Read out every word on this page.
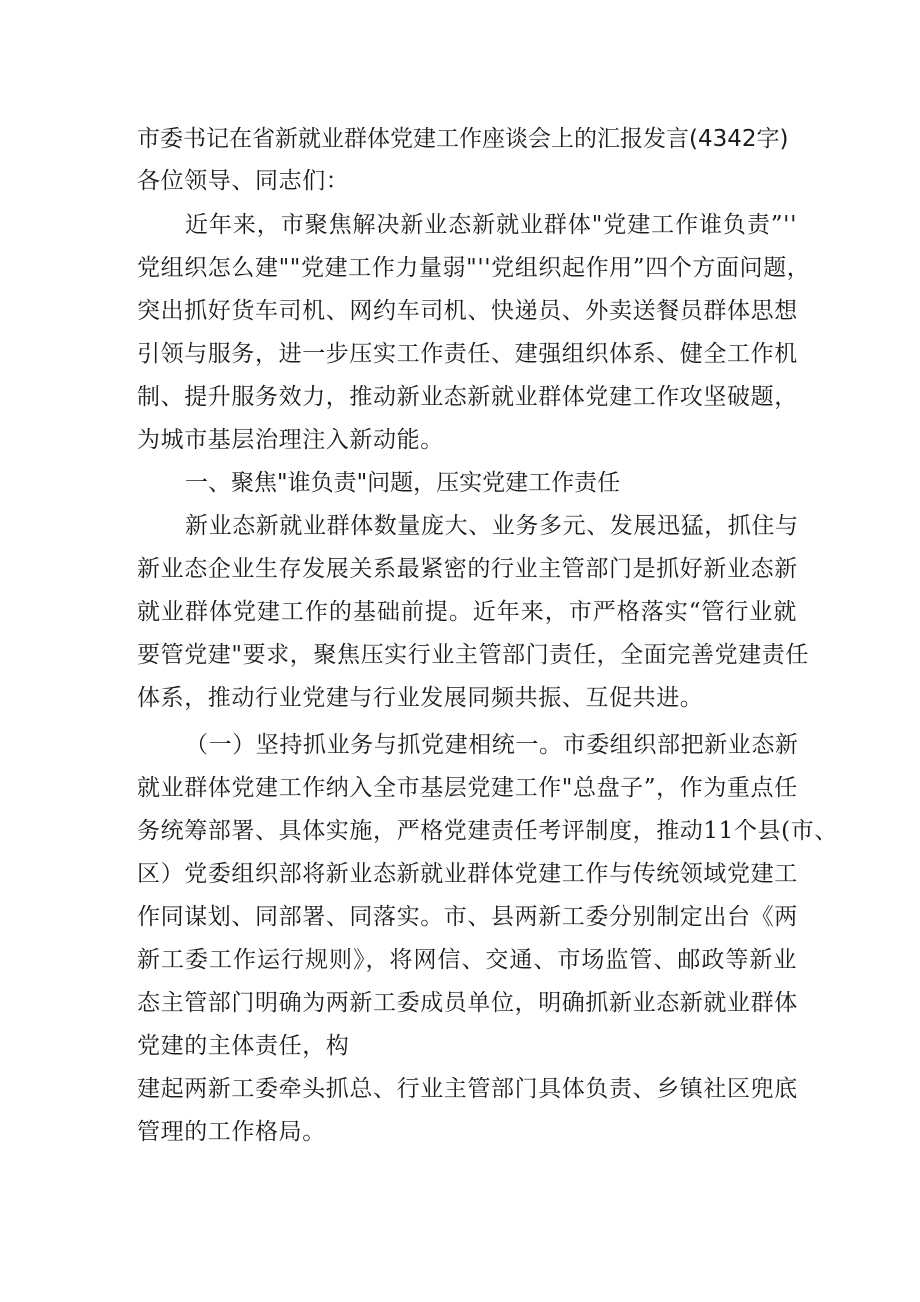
市委书记在省新就业群体党建工作座谈会上的汇报发言(4342字)
各位领导、同志们：
近年来，市聚焦解决新业态新就业群体"党建工作谁负责”''
党组织怎么建""党建工作力量弱"''党组织起作用”四个方面问题，
突出抓好货车司机、网约车司机、快递员、外卖送餐员群体思想
引领与服务，进一步压实工作责任、建强组织体系、健全工作机
制、提升服务效力，推动新业态新就业群体党建工作攻坚破题，
为城市基层治理注入新动能。
一、聚焦"谁负责"问题，压实党建工作责任
新业态新就业群体数量庞大、业务多元、发展迅猛，抓住与
新业态企业生存发展关系最紧密的行业主管部门是抓好新业态新
就业群体党建工作的基础前提。近年来，市严格落实“管行业就
要管党建"要求，聚焦压实行业主管部门责任，全面完善党建责任
体系，推动行业党建与行业发展同频共振、互促共进。
（一）坚持抓业务与抓党建相统一。市委组织部把新业态新
就业群体党建工作纳入全市基层党建工作"总盘子”，作为重点任
务统筹部署、具体实施，严格党建责任考评制度，推动11个县(市、
区）党委组织部将新业态新就业群体党建工作与传统领域党建工
作同谋划、同部署、同落实。市、县两新工委分别制定出台《两
新工委工作运行规则》，将网信、交通、市场监管、邮政等新业
态主管部门明确为两新工委成员单位，明确抓新业态新就业群体
党建的主体责任，构
建起两新工委牵头抓总、行业主管部门具体负责、乡镇社区兜底
管理的工作格局。
